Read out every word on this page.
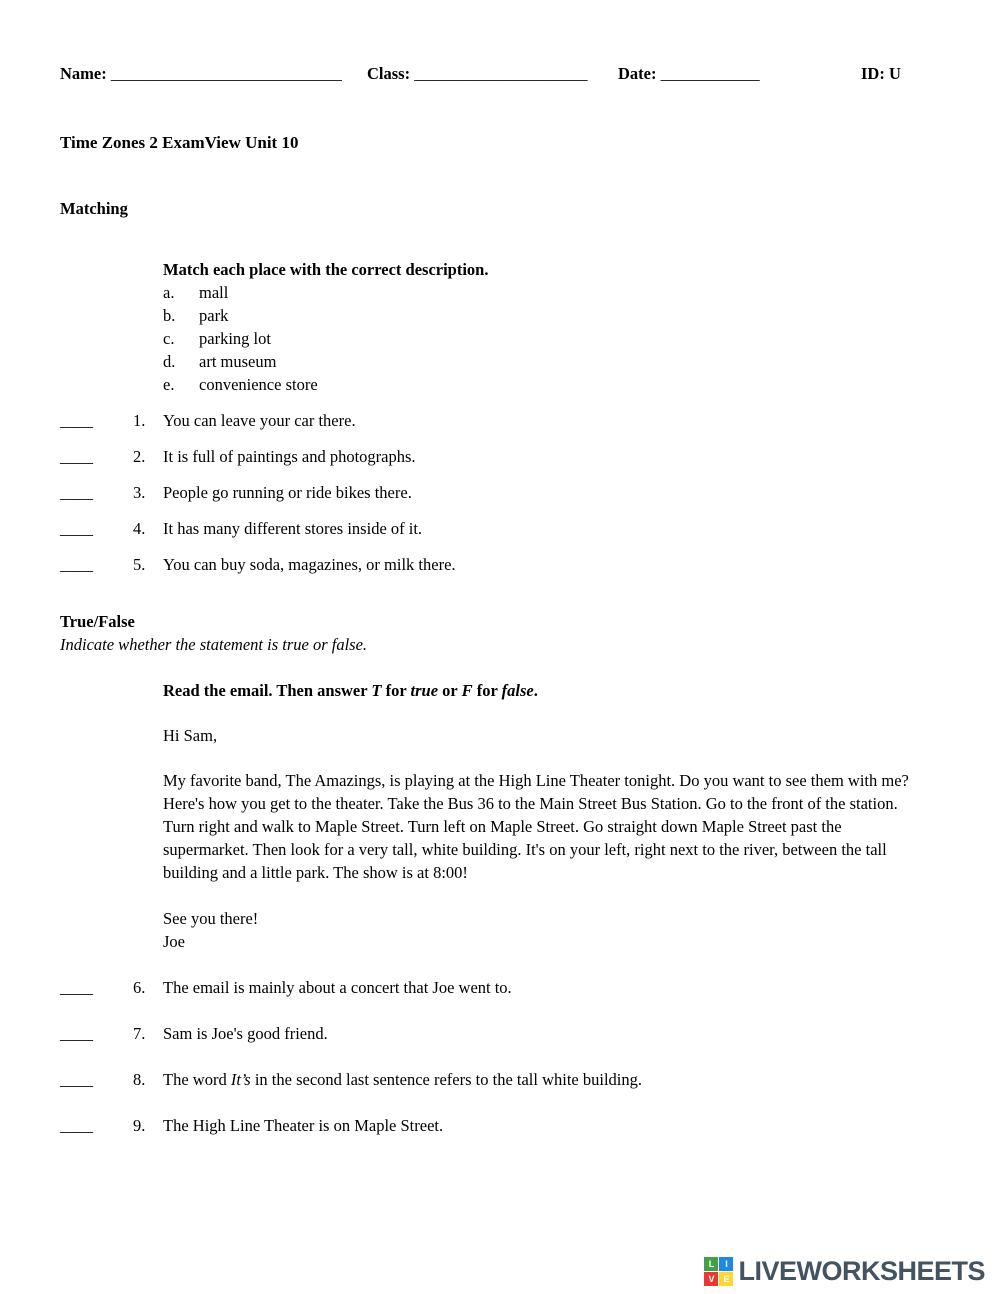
Name: ____________________________	Class: _____________________	Date: ____________	ID: U
Time Zones 2 ExamView Unit 10
Matching
Match each place with the correct description.
a.	mall
b.	park
c.	parking lot
d.	art museum
e.	convenience store
____	1.	You can leave your car there.
____	2.	It is full of paintings and photographs.
____	3.	People go running or ride bikes there.
____	4.	It has many different stores inside of it.
____	5.	You can buy soda, magazines, or milk there.
True/False
Indicate whether the statement is true or false.
Read the email. Then answer T for true or F for false.
Hi Sam,
My favorite band, The Amazings, is playing at the High Line Theater tonight. Do you want to see them with me? Here's how you get to the theater. Take the Bus 36 to the Main Street Bus Station. Go to the front of the station. Turn right and walk to Maple Street. Turn left on Maple Street. Go straight down Maple Street past the supermarket. Then look for a very tall, white building. It's on your left, right next to the river, between the tall building and a little park. The show is at 8:00!
See you there!
Joe
____	6.	The email is mainly about a concert that Joe went to.
____	7.	Sam is Joe's good friend.
____	8.	The word It’s in the second last sentence refers to the tall white building.
____	9.	The High Line Theater is on Maple Street.
L	I
V E LIVEWORKSHEETS
